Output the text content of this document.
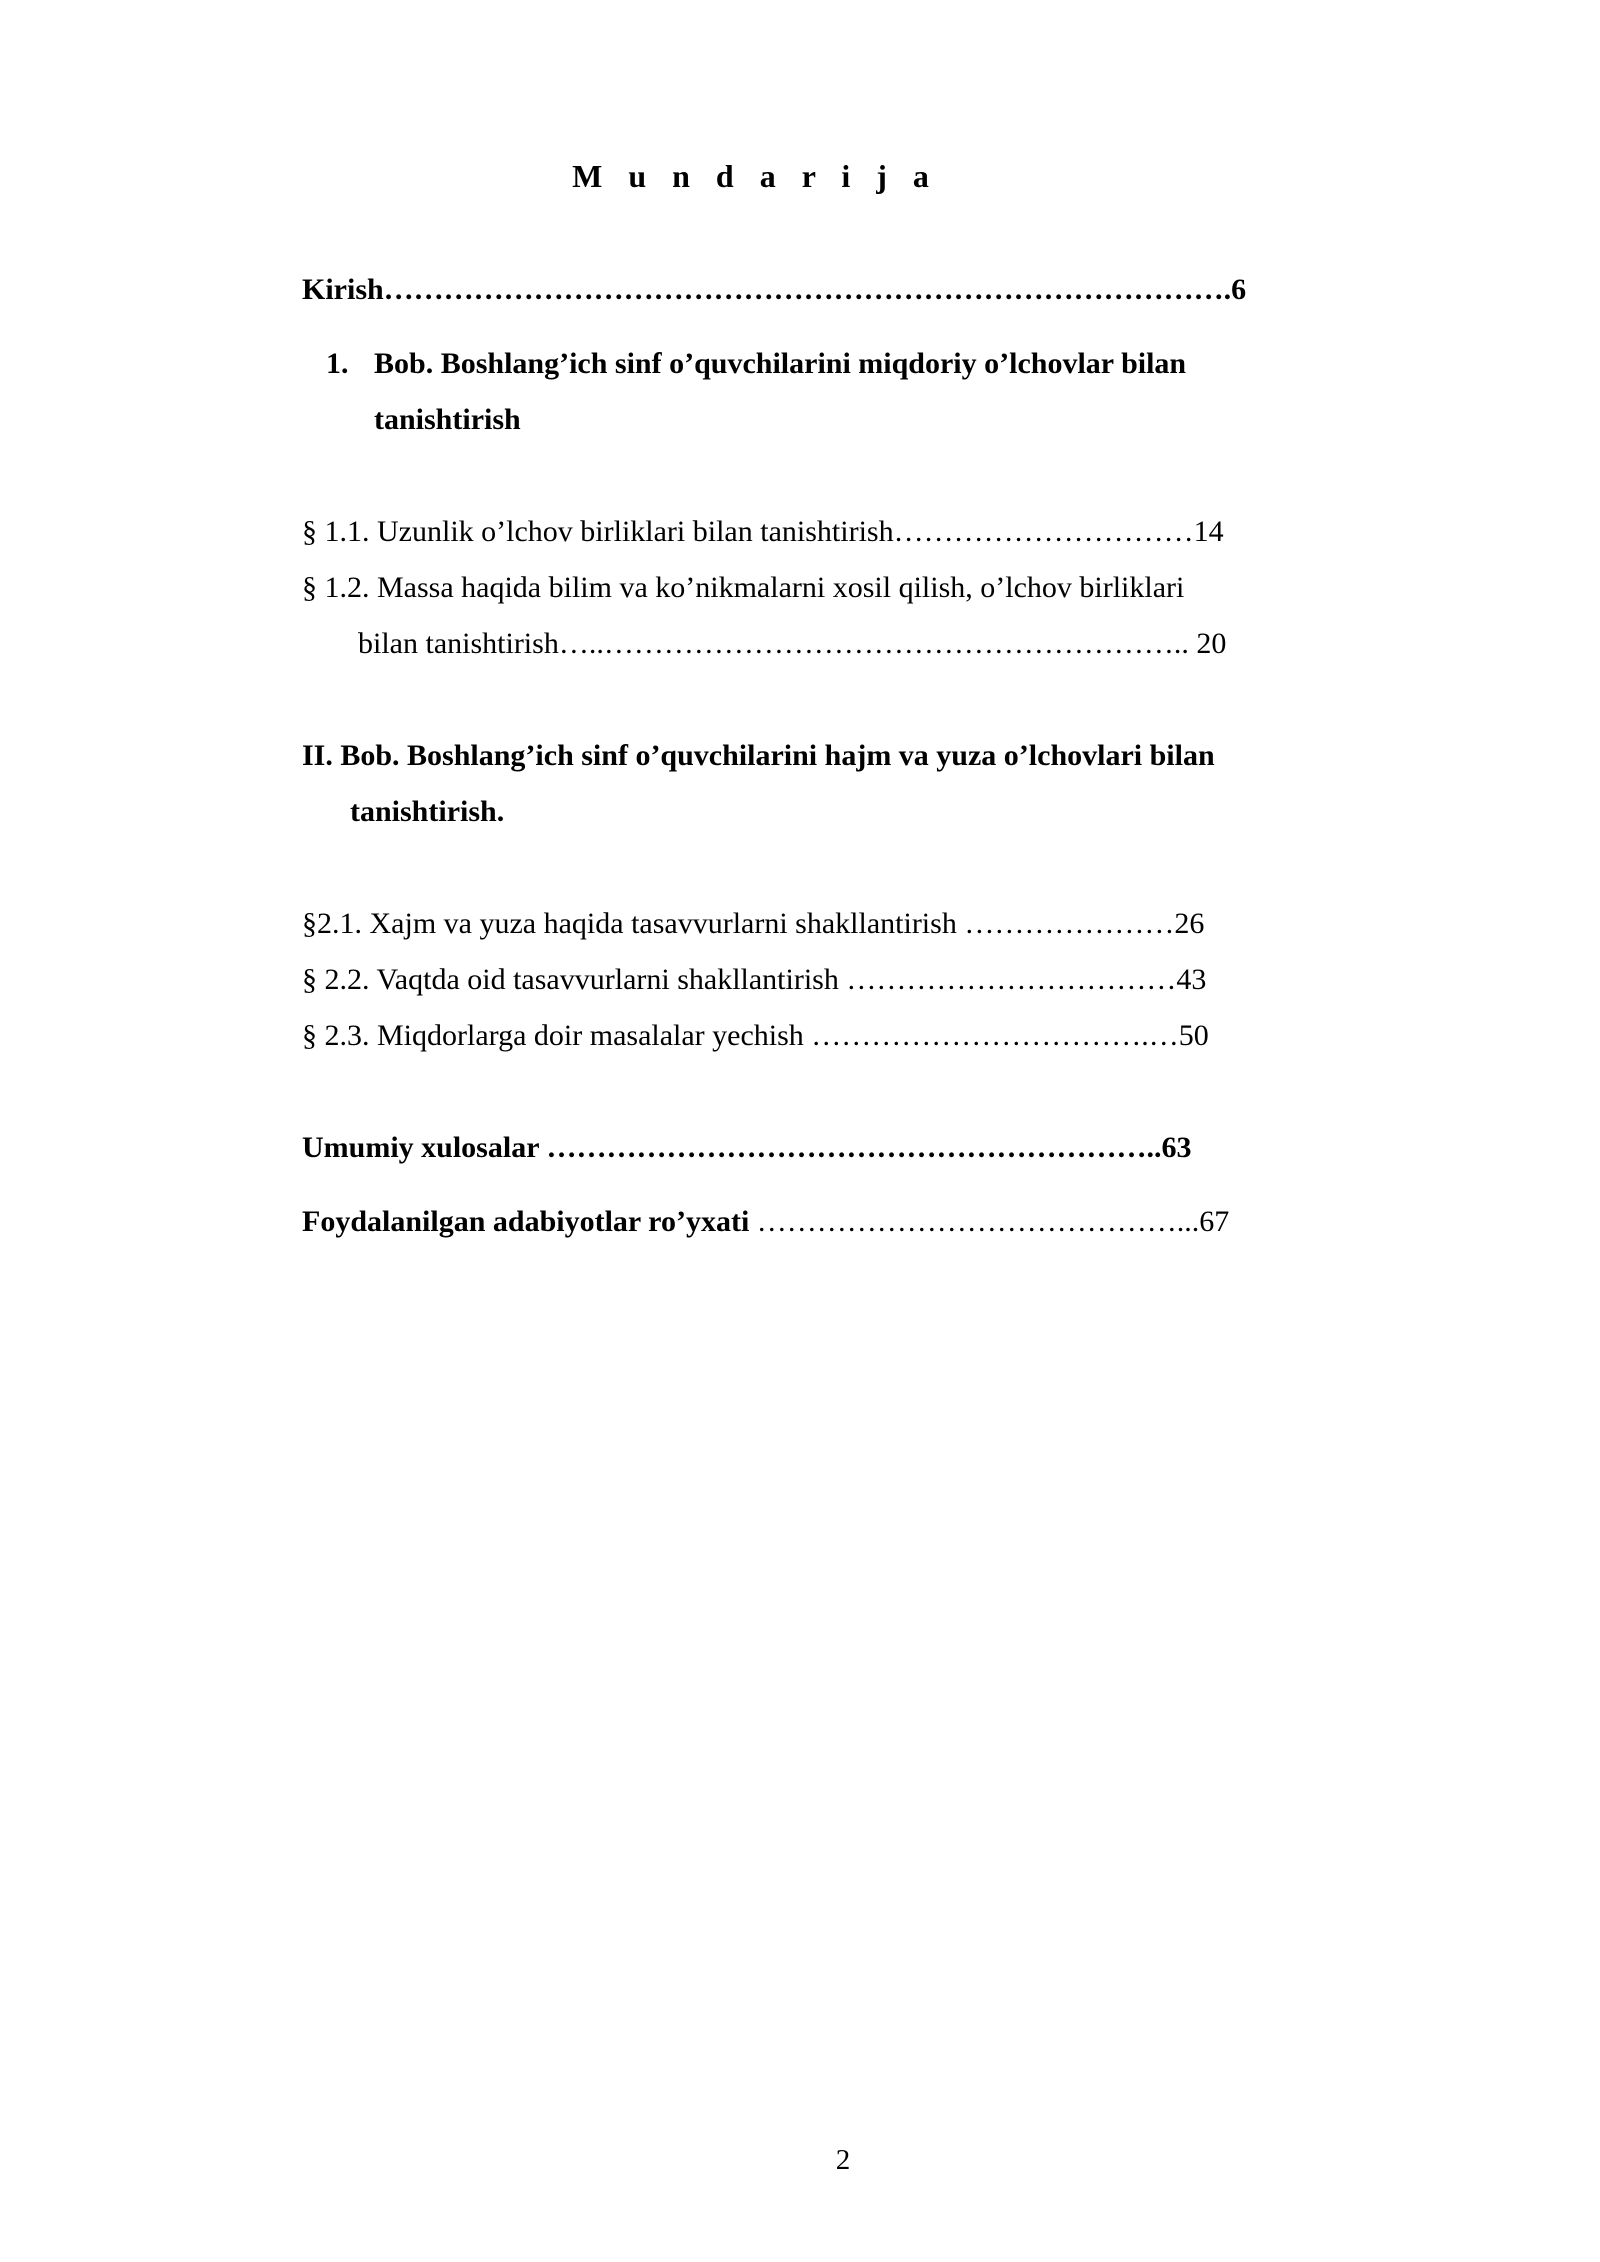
M u n d a r i j a
Kirish………………………………………………………………………….6
1. Bob. Boshlang’ich sinf o’quvchilarini miqdoriy o’lchovlar bilan
tanishtirish
§ 1.1. Uzunlik o’lchov birliklari bilan tanishtirish…………………………14
§ 1.2. Massa haqida bilim va ko’nikmalarni xosil qilish, o’lchov birliklari
bilan tanishtirish…..………………………………………………….. 20
II. Bob. Boshlang’ich sinf o’quvchilarini hajm va yuza o’lchovlari bilan
tanishtirish.
§2.1. Xajm va yuza haqida tasavvurlarni shakllantirish …………………26
§ 2.2. Vaqtda oid tasavvurlarni shakllantirish ……………………………43
§ 2.3. Miqdorlarga doir masalalar yechish …………………………….…50
Umumiy xulosalar ……………………………………………………..63
Foydalanilgan adabiyotlar ro’yxati ……………………………………...67
2
